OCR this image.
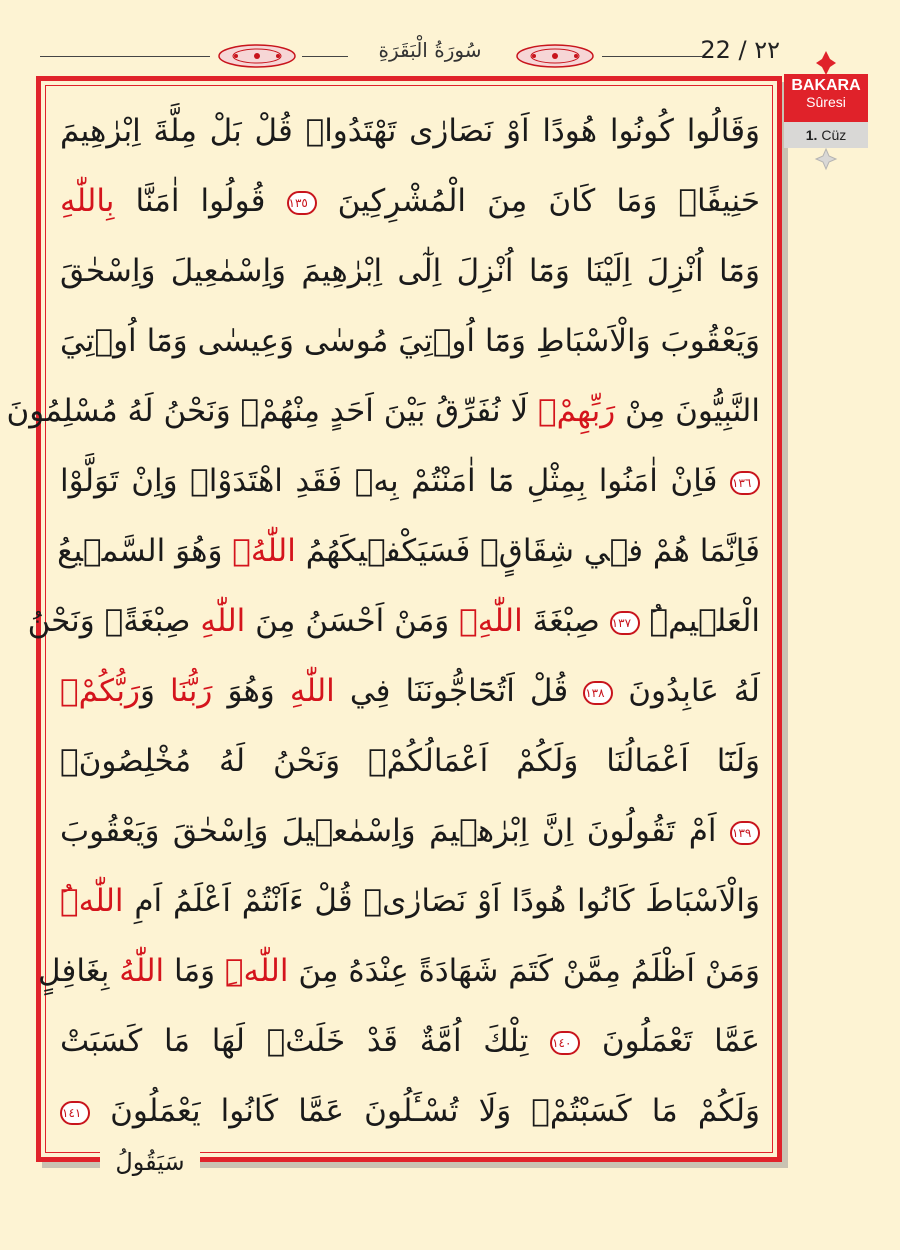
سُورَةُ الْبَقَرَةِ	22 / ٢٢
وَقَالُوا كُونُوا هُودًا اَوْ نَصَارٰى تَهْتَدُواۜ قُلْ بَلْ مِلَّةَ اِبْرٰهِيمَ
حَنِيفًاۜ وَمَا كَانَ مِنَ الْمُشْرِكِينَ ١٣٥ قُولُوا اٰمَنَّا بِاللّٰهِ
وَمَٓا اُنْزِلَ اِلَيْنَا وَمَٓا اُنْزِلَ اِلٰٓى اِبْرٰهِيمَ وَاِسْمٰعِيلَ وَاِسْحٰقَ
وَيَعْقُوبَ وَالْاَسْبَاطِ وَمَٓا اُو۫تِيَ مُوسٰى وَعِيسٰى وَمَٓا اُو۫تِيَ
النَّبِيُّونَ مِنْ رَبِّهِمْۚ لَا نُفَرِّقُ بَيْنَ اَحَدٍ مِنْهُمْۘ وَنَحْنُ لَهُ مُسْلِمُونَ
١٣٦ فَاِنْ اٰمَنُوا بِمِثْلِ مَٓا اٰمَنْتُمْ بِه۪ فَقَدِ اهْتَدَوْاۚ وَاِنْ تَوَلَّوْا
فَاِنَّمَا هُمْ ف۪ي شِقَاقٍۚ فَسَيَكْف۪يكَهُمُ اللّٰهُۚ وَهُوَ السَّم۪يعُ
الْعَل۪يمُۜ ١٣٧ صِبْغَةَ اللّٰهِۚ وَمَنْ اَحْسَنُ مِنَ اللّٰهِ صِبْغَةًۘ وَنَحْنُ
لَهُ عَابِدُونَ ١٣٨ قُلْ اَتُحَٓاجُّونَنَا فِي اللّٰهِ وَهُوَ رَبُّنَا وَرَبُّكُمْۚ
وَلَنَٓا اَعْمَالُنَا وَلَكُمْ اَعْمَالُكُمْۚ وَنَحْنُ لَهُ مُخْلِصُونَۙ
١٣٩ اَمْ تَقُولُونَ اِنَّ اِبْرٰه۪يمَ وَاِسْمٰع۪يلَ وَاِسْحٰقَ وَيَعْقُوبَ
وَالْاَسْبَاطَ كَانُوا هُودًا اَوْ نَصَارٰىۜ قُلْ ءَاَنْتُمْ اَعْلَمُ اَمِ اللّٰهُۜ
وَمَنْ اَظْلَمُ مِمَّنْ كَتَمَ شَهَادَةً عِنْدَهُ مِنَ اللّٰهِۜ وَمَا اللّٰهُ بِغَافِلٍ
عَمَّا تَعْمَلُونَ ١٤٠ تِلْكَ اُمَّةٌ قَدْ خَلَتْۚ لَهَا مَا كَسَبَتْ
وَلَكُمْ مَا كَسَبْتُمْۚ وَلَا تُسْـَٔلُونَ عَمَّا كَانُوا يَعْمَلُونَ ١٤١
سَيَقُولُ
BAKARA
Sûresi
1. Cüz
